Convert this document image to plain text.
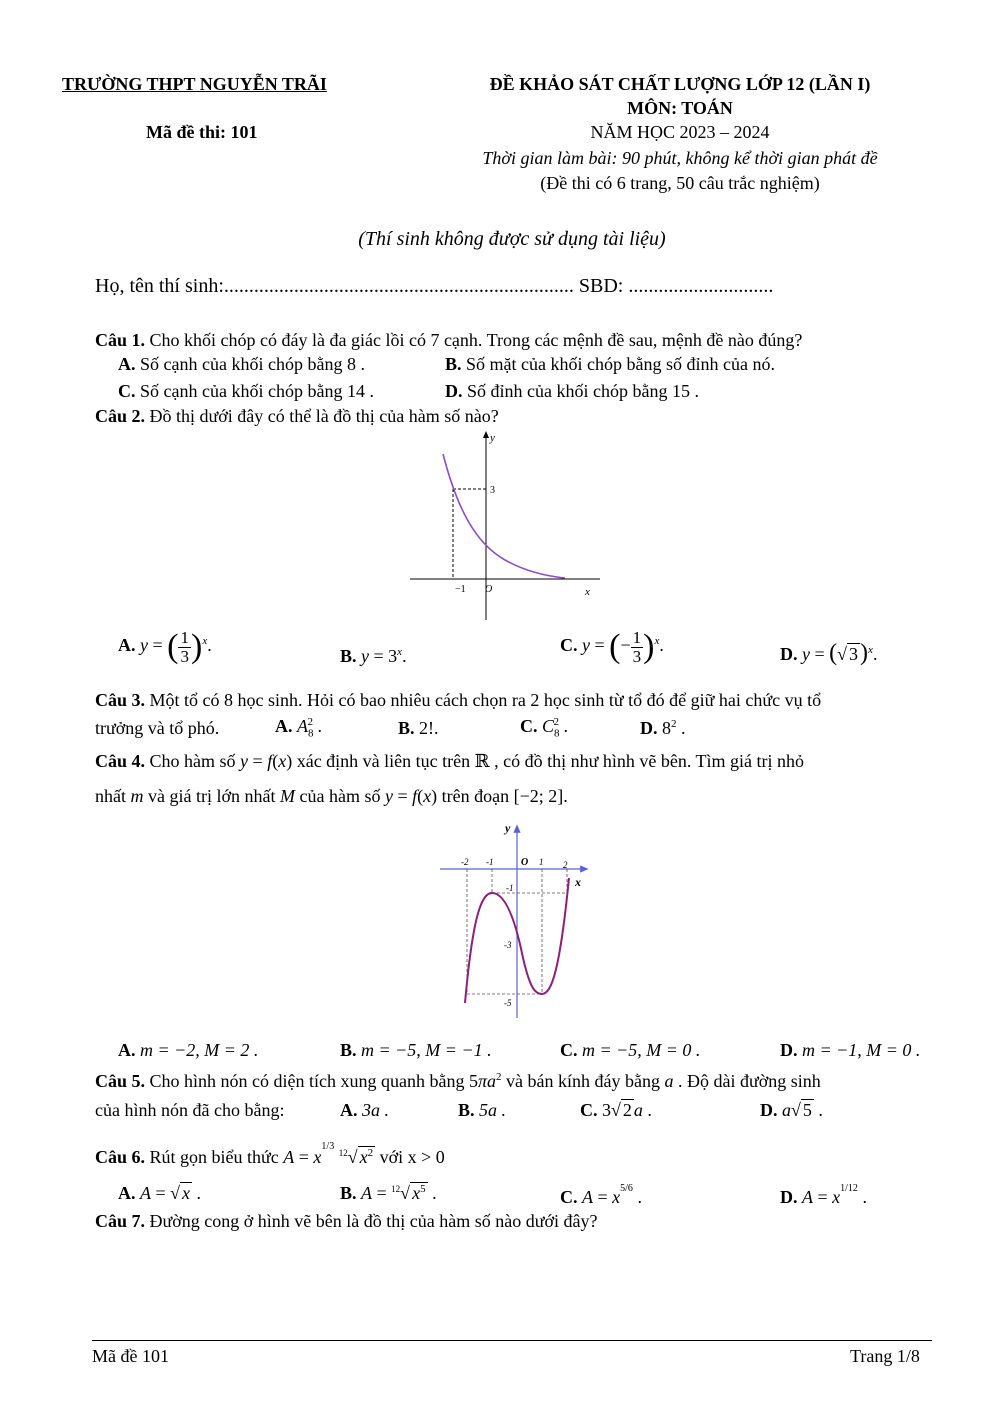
TRƯỜNG THPT NGUYỄN TRÃI
Mã đề thi: 101
ĐỀ KHẢO SÁT CHẤT LƯỢNG LỚP 12 (LẦN I)
MÔN: TOÁN
NĂM HỌC 2023 – 2024
Thời gian làm bài: 90 phút, không kể thời gian phát đề
(Đề thi có 6 trang, 50 câu trắc nghiệm)
(Thí sinh không được sử dụng tài liệu)
Họ, tên thí sinh:...................................................................... SBD: .............................
Câu 1. Cho khối chóp có đáy là đa giác lồi có 7 cạnh. Trong các mệnh đề sau, mệnh đề nào đúng?
A. Số cạnh của khối chóp bằng 8 .	B. Số mặt của khối chóp bằng số đỉnh của nó.
C. Số cạnh của khối chóp bằng 14 .	D. Số đỉnh của khối chóp bằng 15 .
Câu 2. Đồ thị dưới đây có thể là đồ thị của hàm số nào?
y
x
O
−1
3
A. y = ( $\frac{1}{3} )^x$.
B. $y = 3^x$.
C. y = (− $\frac{1}{3} )^x$.	D. y = (√ 3)$^x$.
Câu 3. Một tổ có 8 học sinh. Hỏi có bao nhiêu cách chọn ra 2 học sinh từ tổ đó để giữ hai chức vụ tổ
trưởng và tổ phó.	A. $A_8^2$ .	B. 2!.	C. $C_8^2$ .	D. $8^2$ .
Câu 4. Cho hàm số y = f(x) xác định và liên tục trên ℝ , có đồ thị như hình vẽ bên. Tìm giá trị nhỏ
nhất m và giá trị lớn nhất M của hàm số y = f(x) trên đoạn [−2; 2].
y
x
O
-2 -1	1 2
-1
-3
-5
A. m = −2, M = 2 .	B. m = −5, M = −1 .	C. m = −5, M = 0 .	D. m = −1, M = 0 .
Câu 5. Cho hình nón có diện tích xung quanh bằng $5\pi a^2$ và bán kính đáy bằng a . Độ dài đường sinh
của hình nón đã cho bằng:	A. 3a .	B. 5a .	C. 3√ 2 a .	D. a√ 5 .
Câu 6. Rút gọn biểu thức $A = x^{1/3}$ $^{12}$√ $x^2$ với x > 0
A. A = √ x .	B. A = $^{12}$√ $x^5$ .	C. $A = x^{5/6}$ .	D. $A = x^{1/12}$ .
Câu 7. Đường cong ở hình vẽ bên là đồ thị của hàm số nào dưới đây?
Mã đề 101	Trang 1/8
